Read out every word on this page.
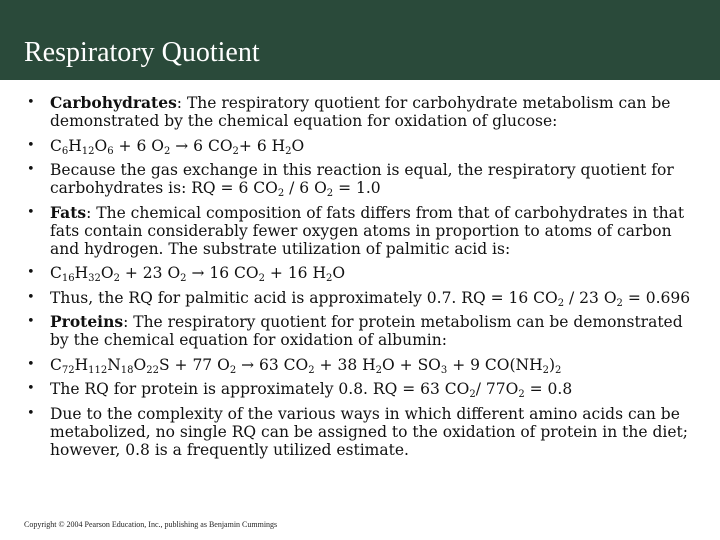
Respiratory Quotient
• Carbohydrates: The respiratory quotient for carbohydrate metabolism can be demonstrated by the chemical equation for oxidation of glucose:
• $C_6H_{12}O_6 + 6$ $O_2 \to 6$ $CO_2+ 6$ $H_2O$
• Because the gas exchange in this reaction is equal, the respiratory quotient for carbohydrates is: RQ = 6 $CO_2 / 6$ $O_2 = 1.0$
• Fats: The chemical composition of fats differs from that of carbohydrates in that fats contain considerably fewer oxygen atoms in proportion to atoms of carbon and hydrogen. The substrate utilization of palmitic acid is:
• $C_{16}H_{32}O_2 + 23$ $O_2 \to 16$ $CO_2 + 16$ $H_2O$
• Thus, the RQ for palmitic acid is approximately 0.7. RQ = 16 $CO_2 / 23$ $O_2 = 0.696$
• Proteins: The respiratory quotient for protein metabolism can be demonstrated by the chemical equation for oxidation of albumin:
• $C_{72}H_{112}N_{18}O_{22}S + 77$ $O_2 \to 63$ $CO_2 + 38$ $H_2O + SO_3 + 9$ $CO(NH_2)_2$
• The RQ for protein is approximately 0.8. RQ = 63 $CO_2/$ $77O_2 = 0.8$
• Due to the complexity of the various ways in which different amino acids can be metabolized, no single RQ can be assigned to the oxidation of protein in the diet; however, 0.8 is a frequently utilized estimate.
Copyright © 2004 Pearson Education, Inc., publishing as Benjamin Cummings
